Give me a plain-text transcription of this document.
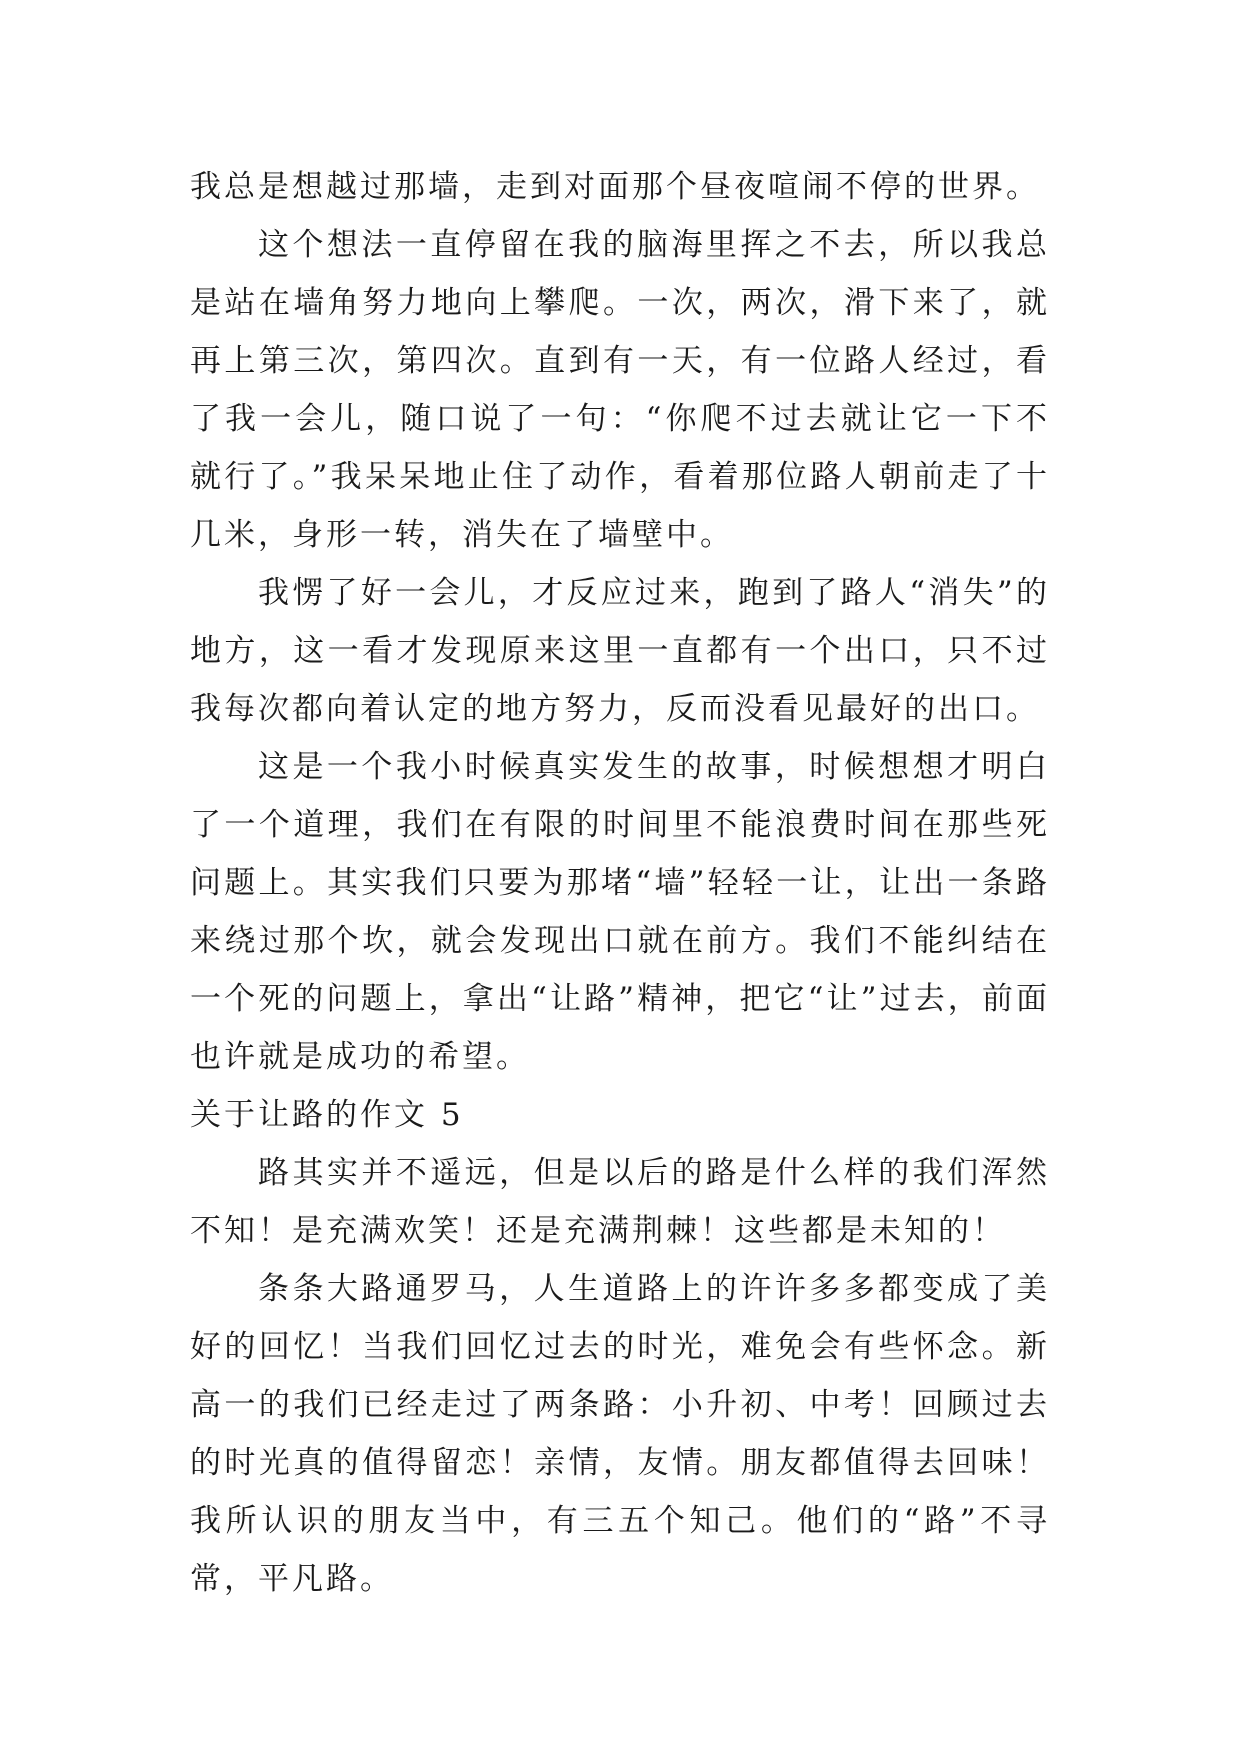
我总是想越过那墙，走到对面那个昼夜喧闹不停的世界。

这个想法一直停留在我的脑海里挥之不去，所以我总是站在墙角努力地向上攀爬。一次，两次，滑下来了，就再上第三次，第四次。直到有一天，有一位路人经过，看了我一会儿，随口说了一句：“你爬不过去就让它一下不就行了。”我呆呆地止住了动作，看着那位路人朝前走了十几米，身形一转，消失在了墙壁中。

我愣了好一会儿，才反应过来，跑到了路人“消失”的地方，这一看才发现原来这里一直都有一个出口，只不过我每次都向着认定的地方努力，反而没看见最好的出口。

这是一个我小时候真实发生的故事，时候想想才明白了一个道理，我们在有限的时间里不能浪费时间在那些死问题上。其实我们只要为那堵“墙”轻轻一让，让出一条路来绕过那个坎，就会发现出口就在前方。我们不能纠结在一个死的问题上，拿出“让路”精神，把它“让”过去，前面也许就是成功的希望。

关于让路的作文 5

路其实并不遥远，但是以后的路是什么样的我们浑然不知！是充满欢笑！还是充满荆棘！这些都是未知的！

条条大路通罗马，人生道路上的许许多多都变成了美好的回忆！当我们回忆过去的时光，难免会有些怀念。新高一的我们已经走过了两条路：小升初、中考！回顾过去的时光真的值得留恋！亲情，友情。朋友都值得去回味！我所认识的朋友当中，有三五个知己。他们的“路”不寻常，平凡路。
